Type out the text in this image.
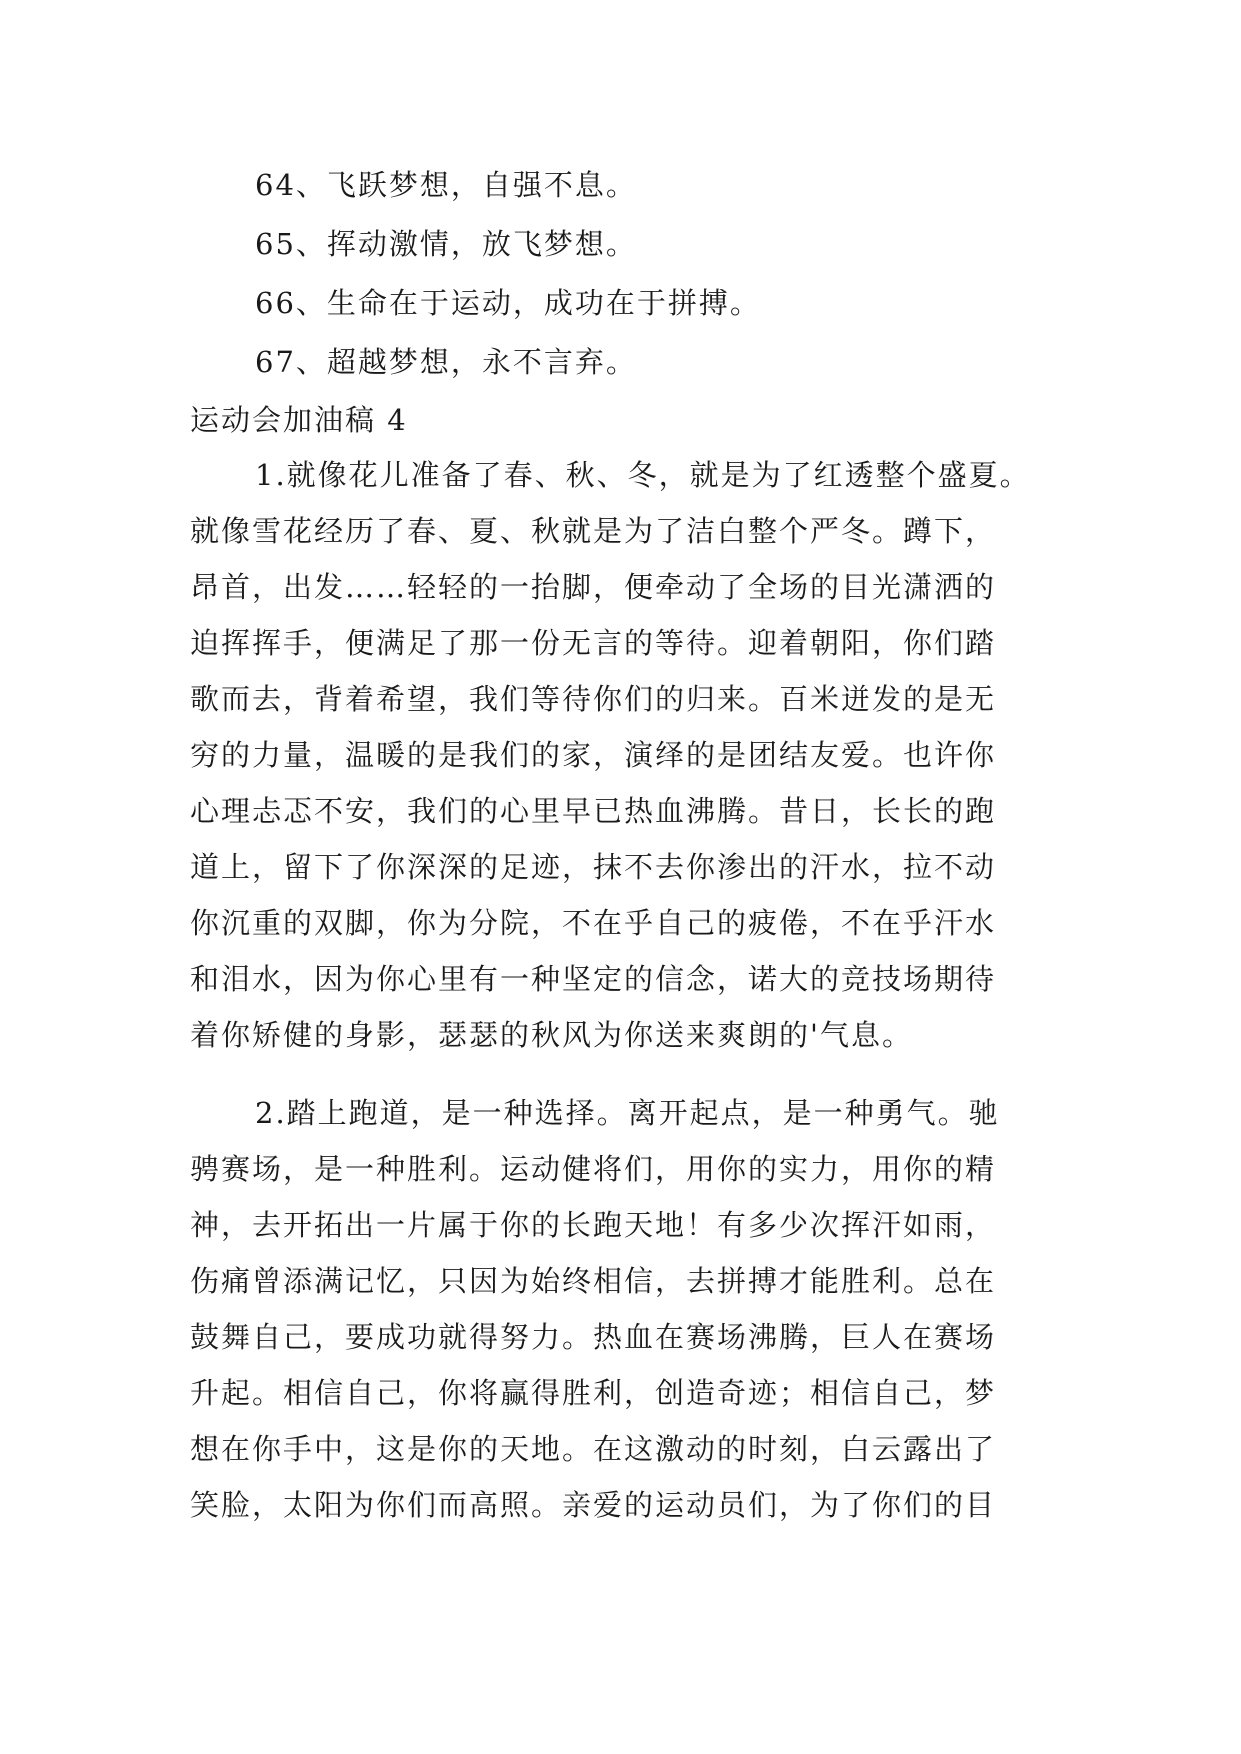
64、飞跃梦想，自强不息。
65、挥动激情，放飞梦想。
66、生命在于运动，成功在于拼搏。
67、超越梦想，永不言弃。
运动会加油稿 4
1.就像花儿准备了春、秋、冬，就是为了红透整个盛夏。
就像雪花经历了春、夏、秋就是为了洁白整个严冬。蹲下，
昂首，出发……轻轻的一抬脚，便牵动了全场的目光潇洒的
迫挥挥手，便满足了那一份无言的等待。迎着朝阳，你们踏
歌而去，背着希望，我们等待你们的归来。百米迸发的是无
穷的力量，温暖的是我们的家，演绎的是团结友爱。也许你
心理忐忑不安，我们的心里早已热血沸腾。昔日，长长的跑
道上，留下了你深深的足迹，抹不去你渗出的汗水，拉不动
你沉重的双脚，你为分院，不在乎自己的疲倦，不在乎汗水
和泪水，因为你心里有一种坚定的信念，诺大的竞技场期待
着你矫健的身影，瑟瑟的秋风为你送来爽朗的'气息。
2.踏上跑道，是一种选择。离开起点，是一种勇气。驰
骋赛场，是一种胜利。运动健将们，用你的实力，用你的精
神，去开拓出一片属于你的长跑天地！有多少次挥汗如雨，
伤痛曾添满记忆，只因为始终相信，去拼搏才能胜利。总在
鼓舞自己，要成功就得努力。热血在赛场沸腾，巨人在赛场
升起。相信自己，你将赢得胜利，创造奇迹；相信自己，梦
想在你手中，这是你的天地。在这激动的时刻，白云露出了
笑脸，太阳为你们而高照。亲爱的运动员们，为了你们的目
